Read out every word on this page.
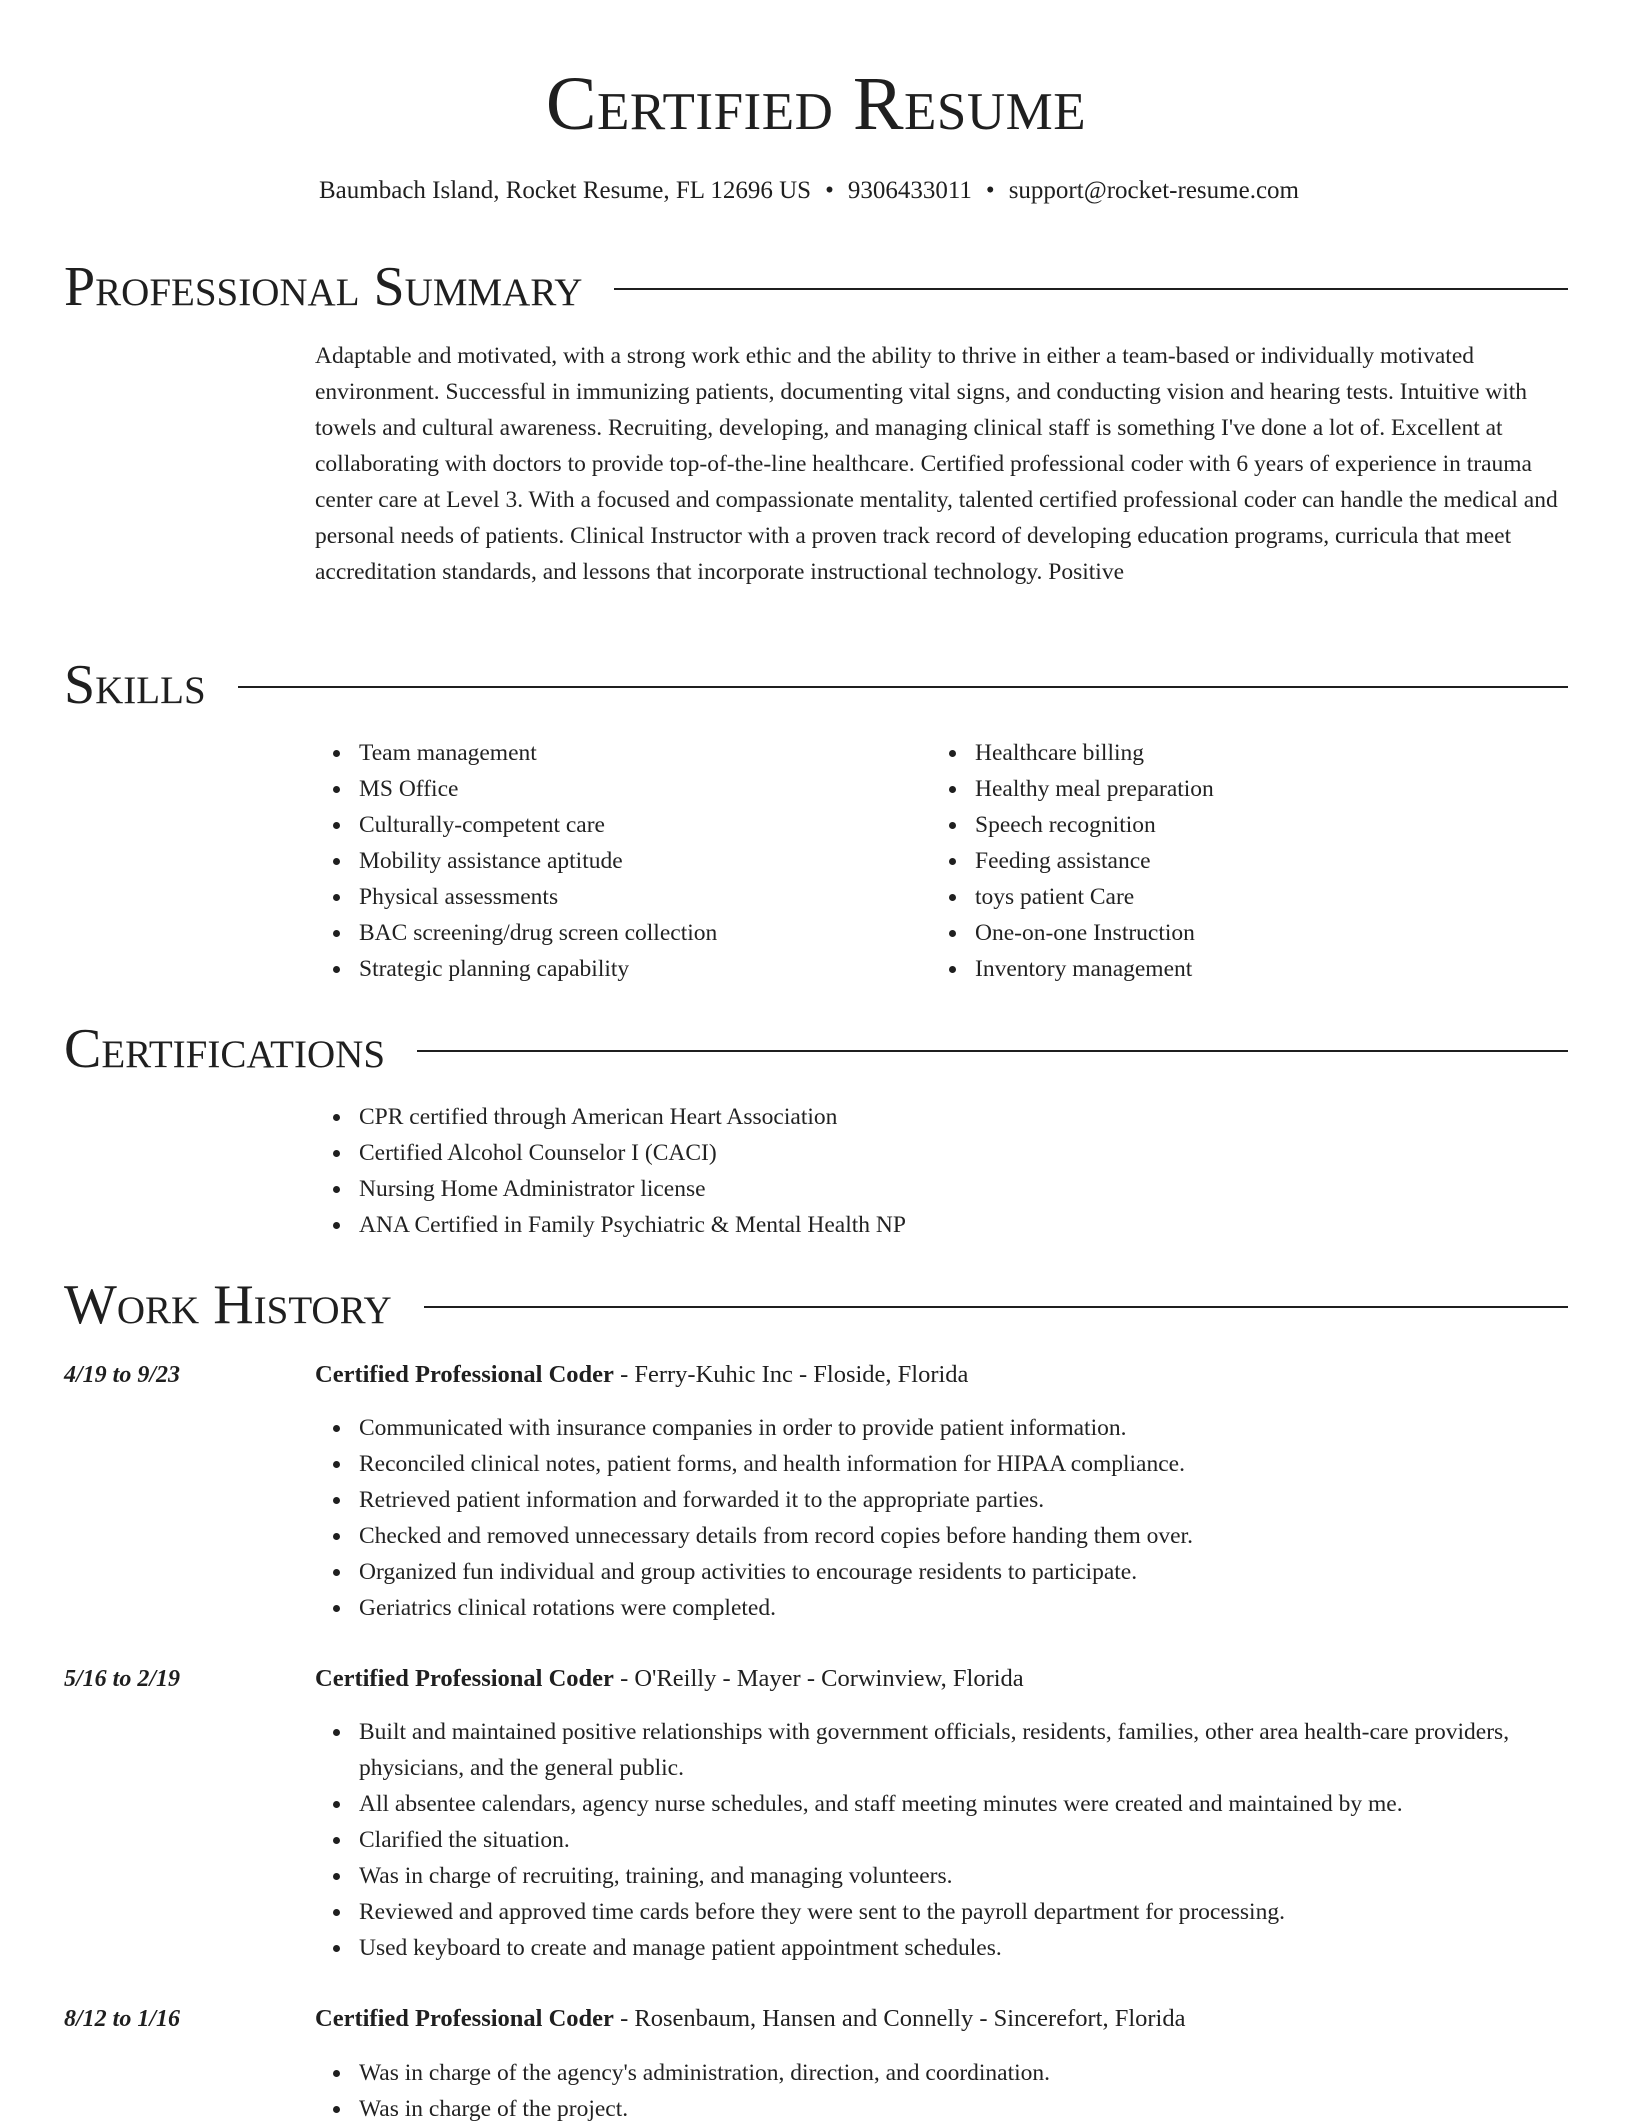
Certified Resume
Baumbach Island, Rocket Resume, FL 12696 US • 9306433011 • support@rocket-resume.com
Professional Summary

Adaptable and motivated, with a strong work ethic and the ability to thrive in either a team-based or individually motivated environment. Successful in immunizing patients, documenting vital signs, and conducting vision and hearing tests. Intuitive with towels and cultural awareness. Recruiting, developing, and managing clinical staff is something I've done a lot of. Excellent at collaborating with doctors to provide top-of-the-line healthcare. Certified professional coder with 6 years of experience in trauma center care at Level 3. With a focused and compassionate mentality, talented certified professional coder can handle the medical and personal needs of patients. Clinical Instructor with a proven track record of developing education programs, curricula that meet accreditation standards, and lessons that incorporate instructional technology. Positive

Skills
Team management
MS Office
Culturally-competent care
Mobility assistance aptitude
Physical assessments
BAC screening/drug screen collection
Strategic planning capability
Healthcare billing
Healthy meal preparation
Speech recognition
Feeding assistance
toys patient Care
One-on-one Instruction
Inventory management
Certifications
CPR certified through American Heart Association
Certified Alcohol Counselor I (CACI)
Nursing Home Administrator license
ANA Certified in Family Psychiatric & Mental Health NP
Work History
4/19 to 9/23	Certified Professional Coder - Ferry-Kuhic Inc - Floside, Florida
Communicated with insurance companies in order to provide patient information.
Reconciled clinical notes, patient forms, and health information for HIPAA compliance.
Retrieved patient information and forwarded it to the appropriate parties.
Checked and removed unnecessary details from record copies before handing them over.
Organized fun individual and group activities to encourage residents to participate.
Geriatrics clinical rotations were completed.
5/16 to 2/19	Certified Professional Coder - O'Reilly - Mayer - Corwinview, Florida
Built and maintained positive relationships with government officials, residents, families, other area health-care providers, physicians, and the general public.
All absentee calendars, agency nurse schedules, and staff meeting minutes were created and maintained by me.
Clarified the situation.
Was in charge of recruiting, training, and managing volunteers.
Reviewed and approved time cards before they were sent to the payroll department for processing.
Used keyboard to create and manage patient appointment schedules.
8/12 to 1/16	Certified Professional Coder - Rosenbaum, Hansen and Connelly - Sincerefort, Florida
Was in charge of the agency's administration, direction, and coordination.
Was in charge of the project.
